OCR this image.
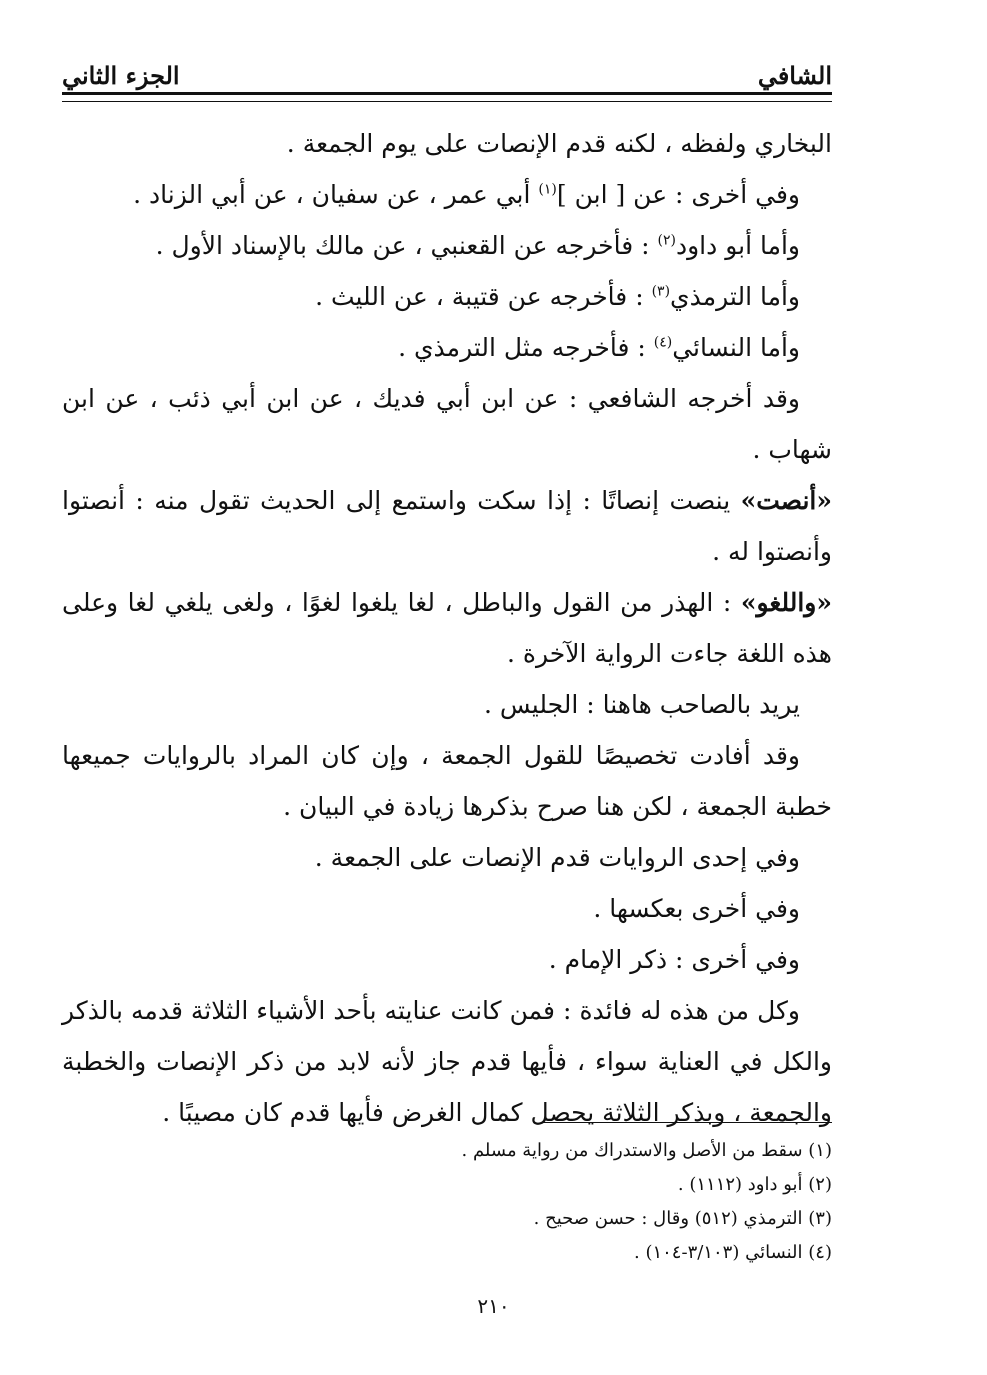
الشافي
الجزء الثاني

البخاري ولفظه ، لكنه قدم الإنصات على يوم الجمعة .

وفي أخرى : عن [ ابن ]$^{(١)}$ أبي عمر ، عن سفيان ، عن أبي الزناد .

وأما أبو داود$^{(٢)}$ : فأخرجه عن القعنبي ، عن مالك بالإسناد الأول .

وأما الترمذي$^{(٣)}$ : فأخرجه عن قتيبة ، عن الليث .

وأما النسائي$^{(٤)}$ : فأخرجه مثل الترمذي .

وقد أخرجه الشافعي : عن ابن أبي فديك ، عن ابن أبي ذئب ، عن ابن شهاب .

«أنصت» ينصت إنصاتًا : إذا سكت واستمع إلى الحديث تقول منه : أنصتوا وأنصتوا له .

«واللغو» : الهذر من القول والباطل ، لغا يلغوا لغوًا ، ولغى يلغي لغا وعلى هذه اللغة جاءت الرواية الآخرة .

يريد بالصاحب هاهنا : الجليس .

وقد أفادت تخصيصًا للقول الجمعة ، وإن كان المراد بالروايات جميعها خطبة الجمعة ، لكن هنا صرح بذكرها زيادة في البيان .

وفي إحدى الروايات قدم الإنصات على الجمعة .

وفي أخرى بعكسها .

وفي أخرى : ذكر الإمام .

وكل من هذه له فائدة : فمن كانت عنايته بأحد الأشياء الثلاثة قدمه بالذكر والكل في العناية سواء ، فأيها قدم جاز لأنه لابد من ذكر الإنصات والخطبة والجمعة ، وبذكر الثلاثة يحصل كمال الغرض فأيها قدم كان مصيبًا .

(١) سقط من الأصل والاستدراك من رواية مسلم .

(٢) أبو داود (١١١٢) .

(٣) الترمذي (٥١٢) وقال : حسن صحيح .

(٤) النسائي (٣/١٠٣-١٠٤) .

٢١٠
